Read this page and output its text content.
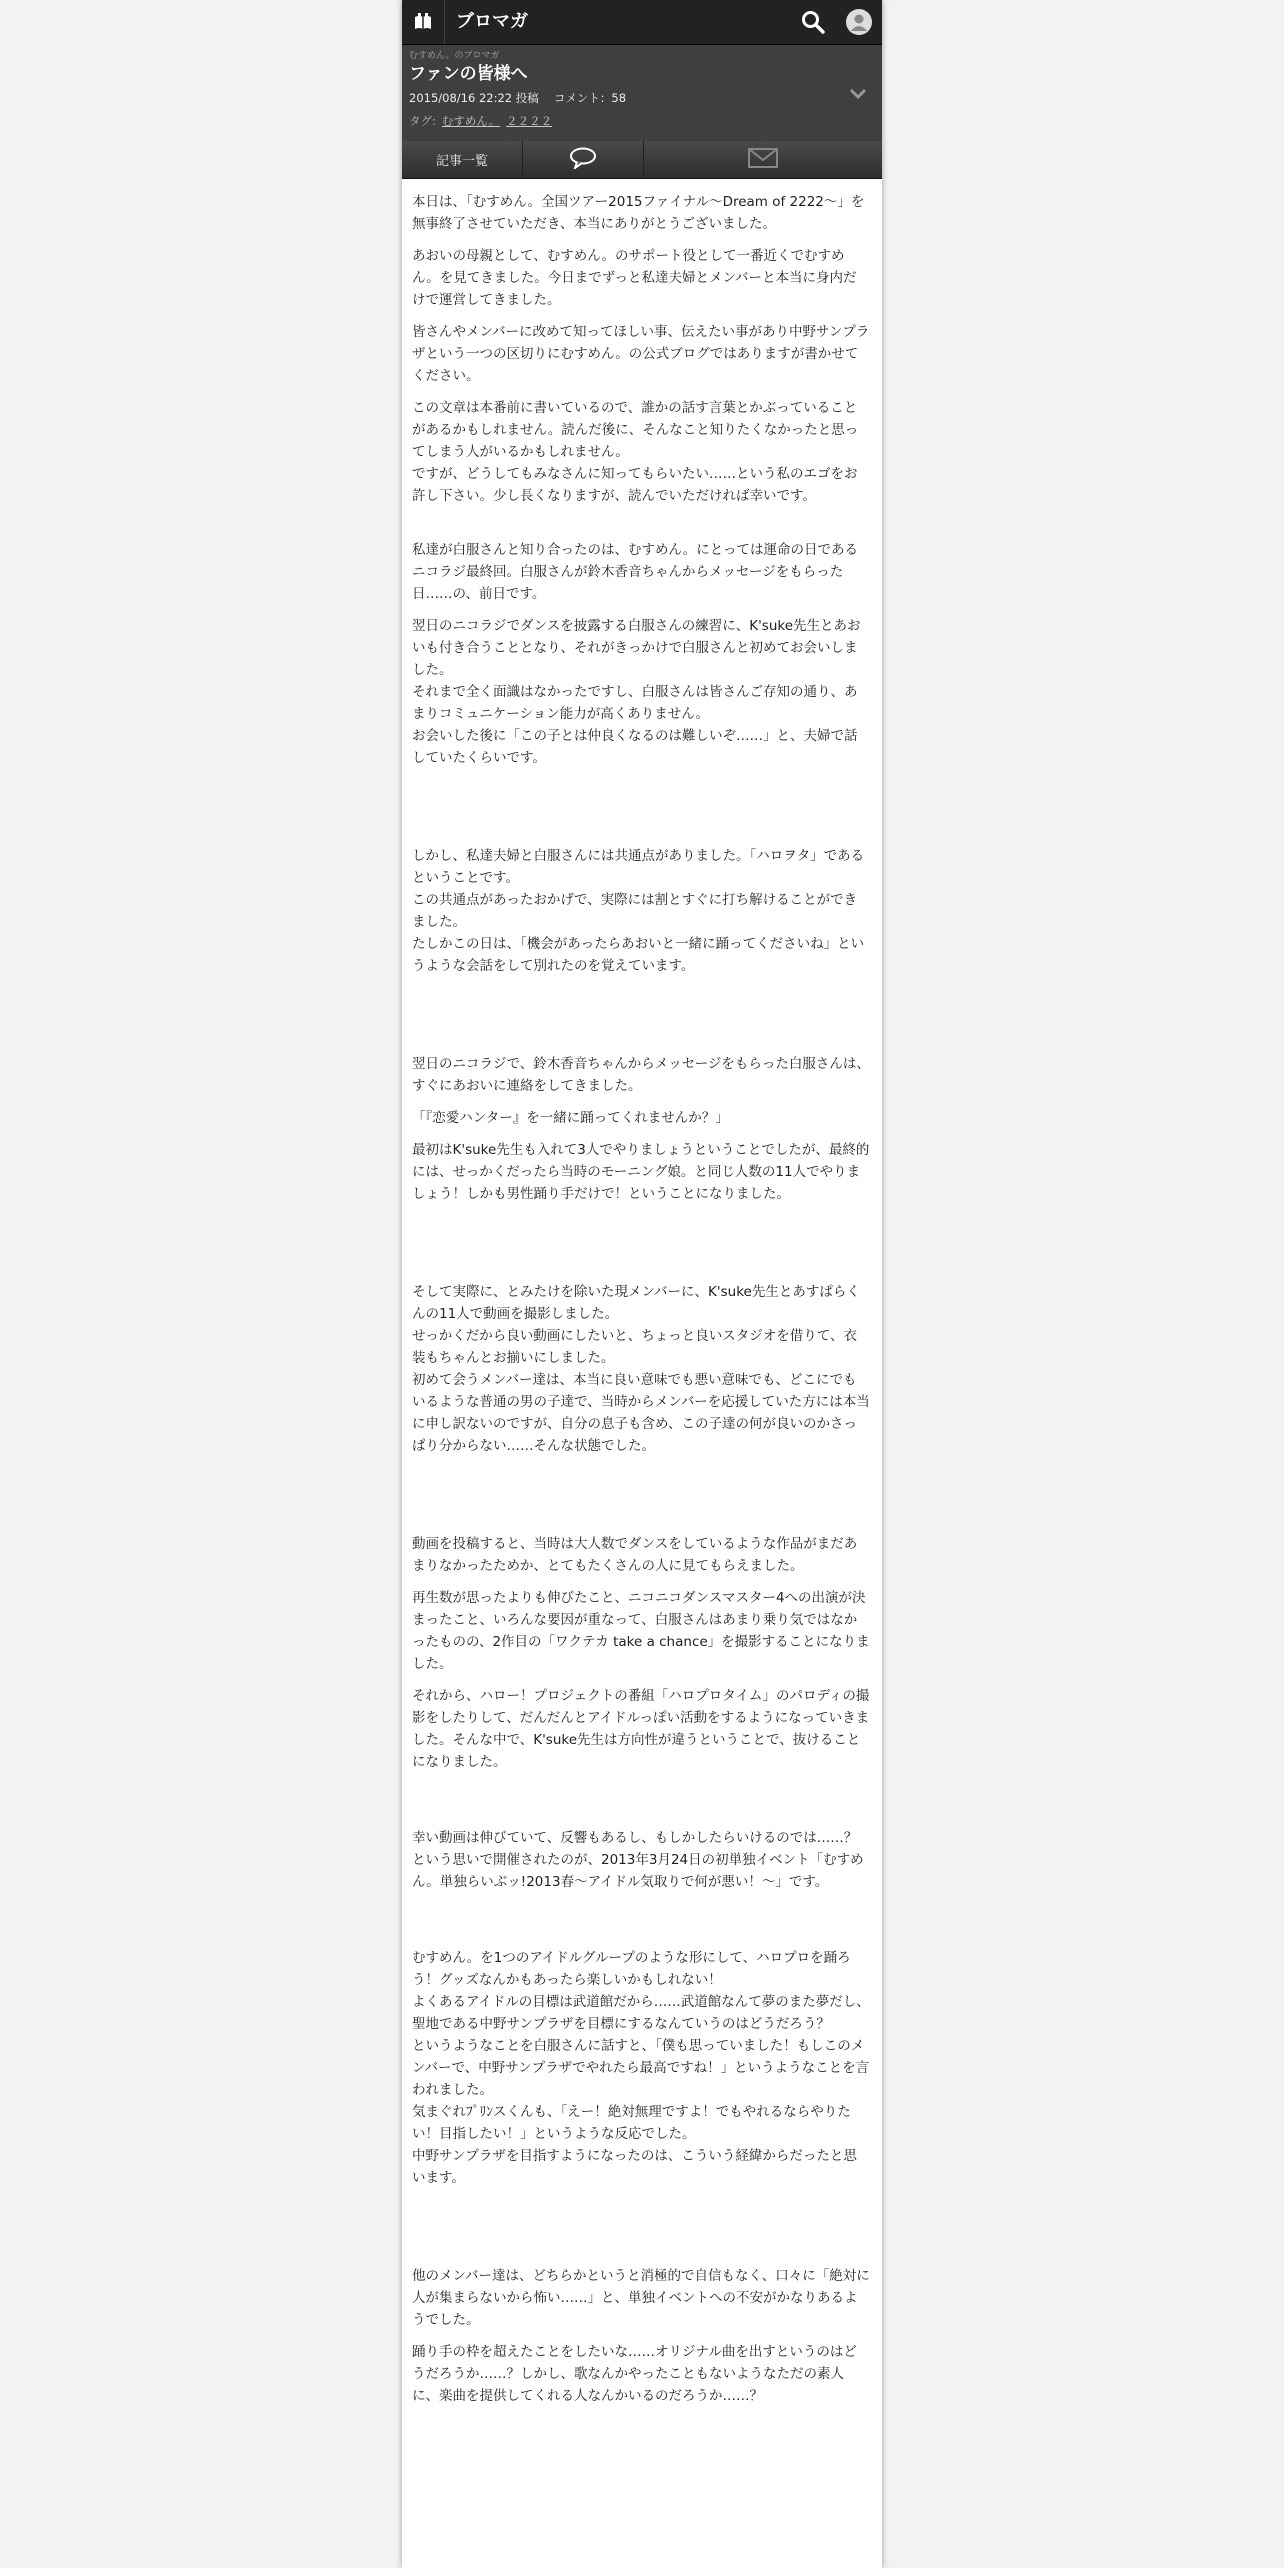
ブロマガ
むすめん。のブロマガ
ファンの皆様へ
2015/08/16 22:22 投稿　 コメント：58
タグ: むすめん。 ２２２２
記事一覧

本日は、「むすめん。全国ツアー2015ファイナル～Dream of 2222～」を無事終了させていただき、本当にありがとうございました。

あおいの母親として、むすめん。のサポート役として一番近くでむすめん。を見てきました。今日までずっと私達夫婦とメンバーと本当に身内だけで運営してきました。

皆さんやメンバーに改めて知ってほしい事、伝えたい事があり中野サンプラザという一つの区切りにむすめん。の公式ブログではありますが書かせてください。

この文章は本番前に書いているので、誰かの話す言葉とかぶっていることがあるかもしれません。読んだ後に、そんなこと知りたくなかったと思ってしまう人がいるかもしれません。
ですが、どうしてもみなさんに知ってもらいたい……という私のエゴをお許し下さい。少し長くなりますが、読んでいただければ幸いです。

私達が白服さんと知り合ったのは、むすめん。にとっては運命の日であるニコラジ最終回。白服さんが鈴木香音ちゃんからメッセージをもらった日……の、前日です。

翌日のニコラジでダンスを披露する白服さんの練習に、K'suke先生とあおいも付き合うこととなり、それがきっかけで白服さんと初めてお会いしました。
それまで全く面識はなかったですし、白服さんは皆さんご存知の通り、あまりコミュニケーション能力が高くありません。
お会いした後に「この子とは仲良くなるのは難しいぞ……」と、夫婦で話していたくらいです。

しかし、私達夫婦と白服さんには共通点がありました。「ハロヲタ」であるということです。
この共通点があったおかげで、実際には割とすぐに打ち解けることができました。
たしかこの日は、「機会があったらあおいと一緒に踊ってくださいね」というような会話をして別れたのを覚えています。

翌日のニコラジで、鈴木香音ちゃんからメッセージをもらった白服さんは、すぐにあおいに連絡をしてきました。

「『恋愛ハンター』を一緒に踊ってくれませんか？」

最初はK'suke先生も入れて3人でやりましょうということでしたが、最終的には、せっかくだったら当時のモーニング娘。と同じ人数の11人でやりましょう！しかも男性踊り手だけで！ということになりました。

そして実際に、とみたけを除いた現メンバーに、K'suke先生とあすぱらくんの11人で動画を撮影しました。
せっかくだから良い動画にしたいと、ちょっと良いスタジオを借りて、衣装もちゃんとお揃いにしました。
初めて会うメンバー達は、本当に良い意味でも悪い意味でも、どこにでもいるような普通の男の子達で、当時からメンバーを応援していた方には本当に申し訳ないのですが、自分の息子も含め、この子達の何が良いのかさっぱり分からない……そんな状態でした。

動画を投稿すると、当時は大人数でダンスをしているような作品がまだあまりなかったためか、とてもたくさんの人に見てもらえました。

再生数が思ったよりも伸びたこと、ニコニコダンスマスター4への出演が決まったこと、いろんな要因が重なって、白服さんはあまり乗り気ではなかったものの、2作目の「ワクテカ take a chance」を撮影することになりました。

それから、ハロー！プロジェクトの番組「ハロプロタイム」のパロディの撮影をしたりして、だんだんとアイドルっぽい活動をするようになっていきました。そんな中で、K'suke先生は方向性が違うということで、抜けることになりました。

幸い動画は伸びていて、反響もあるし、もしかしたらいけるのでは……？
という思いで開催されたのが、2013年3月24日の初単独イベント「むすめん。単独らいぶッ!2013春～アイドル気取りで何が悪い！～」です。

むすめん。を1つのアイドルグループのような形にして、ハロプロを踊ろう！グッズなんかもあったら楽しいかもしれない！
よくあるアイドルの目標は武道館だから……武道館なんて夢のまた夢だし、聖地である中野サンプラザを目標にするなんていうのはどうだろう？
というようなことを白服さんに話すと、「僕も思っていました！もしこのメンバーで、中野サンプラザでやれたら最高ですね！」というようなことを言われました。
気まぐれﾌﾟﾘﾝスくんも、「えー！絶対無理ですよ！でもやれるならやりたい！目指したい！」というような反応でした。
中野サンプラザを目指すようになったのは、こういう経緯からだったと思います。

他のメンバー達は、どちらかというと消極的で自信もなく、口々に「絶対に人が集まらないから怖い……」と、単独イベントへの不安がかなりあるようでした。

踊り手の枠を超えたことをしたいな……オリジナル曲を出すというのはどうだろうか……？しかし、歌なんかやったこともないようなただの素人に、楽曲を提供してくれる人なんかいるのだろうか……？
